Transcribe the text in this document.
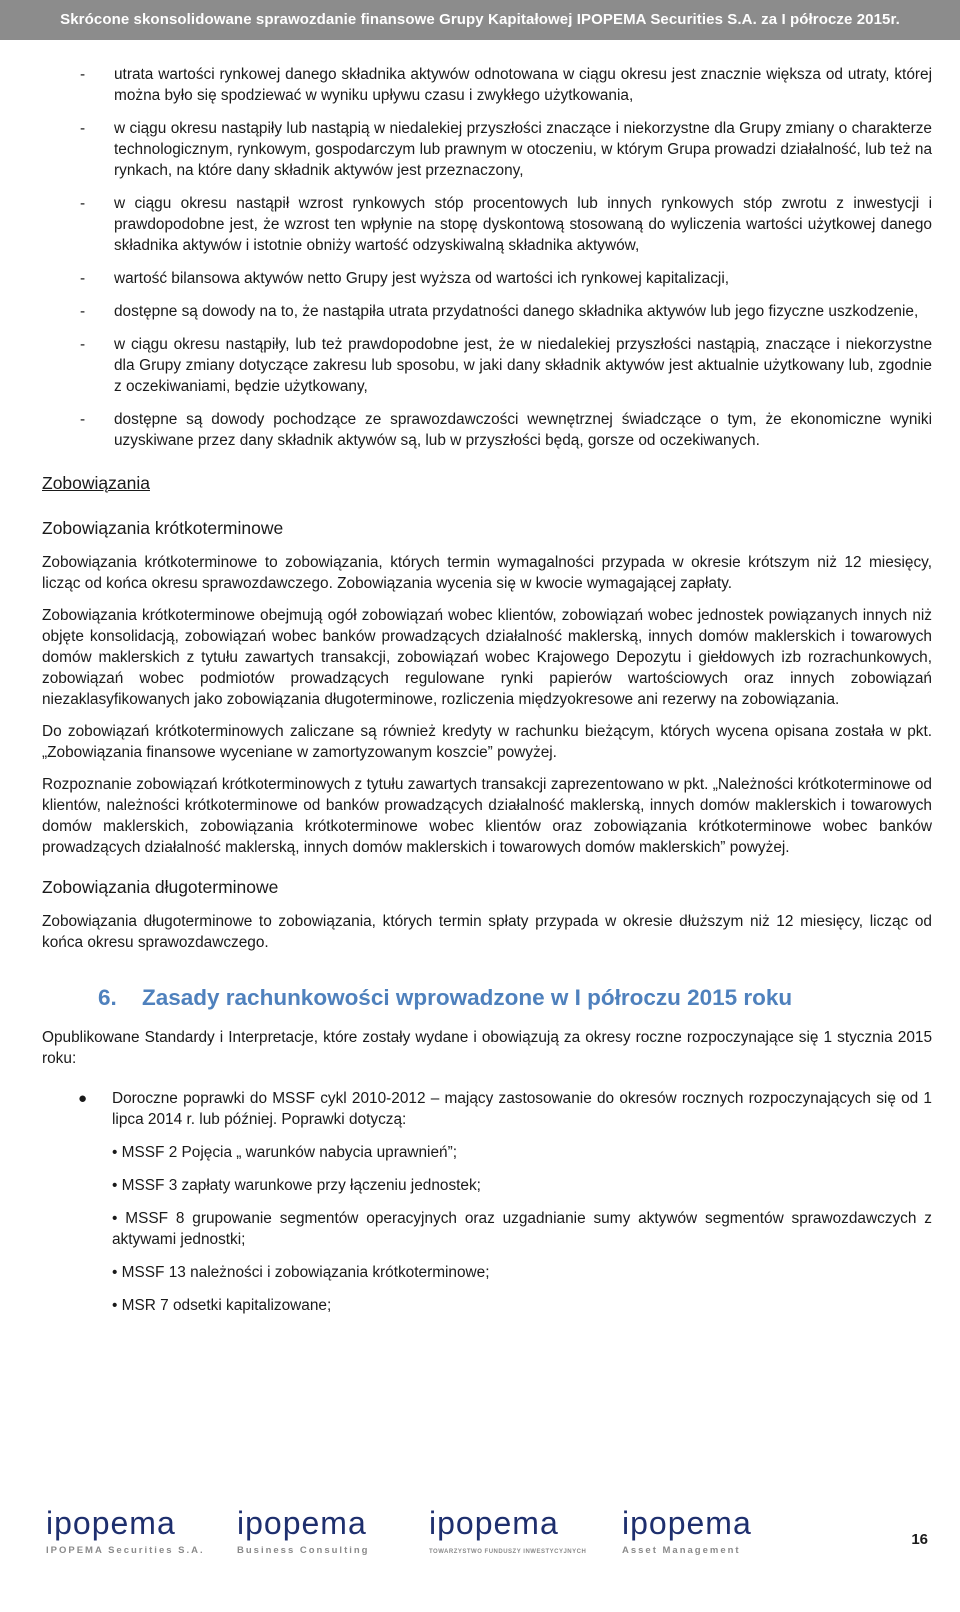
Skrócone skonsolidowane sprawozdanie finansowe Grupy Kapitałowej IPOPEMA Securities S.A. za I półrocze 2015r.
- utrata wartości rynkowej danego składnika aktywów odnotowana w ciągu okresu jest znacznie większa od utraty, której można było się spodziewać w wyniku upływu czasu i zwykłego użytkowania,
- w ciągu okresu nastąpiły lub nastąpią w niedalekiej przyszłości znaczące i niekorzystne dla Grupy zmiany o charakterze technologicznym, rynkowym, gospodarczym lub prawnym w otoczeniu, w którym Grupa prowadzi działalność, lub też na rynkach, na które dany składnik aktywów jest przeznaczony,
- w ciągu okresu nastąpił wzrost rynkowych stóp procentowych lub innych rynkowych stóp zwrotu z inwestycji i prawdopodobne jest, że wzrost ten wpłynie na stopę dyskontową stosowaną do wyliczenia wartości użytkowej danego składnika aktywów i istotnie obniży wartość odzyskiwalną składnika aktywów,
- wartość bilansowa aktywów netto Grupy jest wyższa od wartości ich rynkowej kapitalizacji,
- dostępne są dowody na to, że nastąpiła utrata przydatności danego składnika aktywów lub jego fizyczne uszkodzenie,
- w ciągu okresu nastąpiły, lub też prawdopodobne jest, że w niedalekiej przyszłości nastąpią, znaczące i niekorzystne dla Grupy zmiany dotyczące zakresu lub sposobu, w jaki dany składnik aktywów jest aktualnie użytkowany lub, zgodnie z oczekiwaniami, będzie użytkowany,
- dostępne są dowody pochodzące ze sprawozdawczości wewnętrznej świadczące o tym, że ekonomiczne wyniki uzyskiwane przez dany składnik aktywów są, lub w przyszłości będą, gorsze od oczekiwanych.
Zobowiązania
Zobowiązania krótkoterminowe

Zobowiązania krótkoterminowe to zobowiązania, których termin wymagalności przypada w okresie krótszym niż 12 miesięcy, licząc od końca okresu sprawozdawczego. Zobowiązania wycenia się w kwocie wymagającej zapłaty.

Zobowiązania krótkoterminowe obejmują ogół zobowiązań wobec klientów, zobowiązań wobec jednostek powiązanych innych niż objęte konsolidacją, zobowiązań wobec banków prowadzących działalność maklerską, innych domów maklerskich i towarowych domów maklerskich z tytułu zawartych transakcji, zobowiązań wobec Krajowego Depozytu i giełdowych izb rozrachunkowych, zobowiązań wobec podmiotów prowadzących regulowane rynki papierów wartościowych oraz innych zobowiązań niezaklasyfikowanych jako zobowiązania długoterminowe, rozliczenia międzyokresowe ani rezerwy na zobowiązania.

Do zobowiązań krótkoterminowych zaliczane są również kredyty w rachunku bieżącym, których wycena opisana została w pkt. „Zobowiązania finansowe wyceniane w zamortyzowanym koszcie” powyżej.

Rozpoznanie zobowiązań krótkoterminowych z tytułu zawartych transakcji zaprezentowano w pkt. „Należności krótkoterminowe od klientów, należności krótkoterminowe od banków prowadzących działalność maklerską, innych domów maklerskich i towarowych domów maklerskich, zobowiązania krótkoterminowe wobec klientów oraz zobowiązania krótkoterminowe wobec banków prowadzących działalność maklerską, innych domów maklerskich i towarowych domów maklerskich” powyżej.

Zobowiązania długoterminowe

Zobowiązania długoterminowe to zobowiązania, których termin spłaty przypada w okresie dłuższym niż 12 miesięcy, licząc od końca okresu sprawozdawczego.

6. Zasady rachunkowości wprowadzone w I półroczu 2015 roku

Opublikowane Standardy i Interpretacje, które zostały wydane i obowiązują za okresy roczne rozpoczynające się 1 stycznia 2015 roku:

● Doroczne poprawki do MSSF cykl 2010-2012 – mający zastosowanie do okresów rocznych rozpoczynających się od 1 lipca 2014 r. lub później. Poprawki dotyczą:
• MSSF 2 Pojęcia „ warunków nabycia uprawnień”;
• MSSF 3 zapłaty warunkowe przy łączeniu jednostek;
• MSSF 8 grupowanie segmentów operacyjnych oraz uzgadnianie sumy aktywów segmentów sprawozdawczych z aktywami jednostki;
• MSSF 13 należności i zobowiązania krótkoterminowe;
• MSR 7 odsetki kapitalizowane;
ipopema
IPOPEMA Securities S.A.
ipopema
Business Consulting
ipopema
TOWARZYSTWO FUNDUSZY INWESTYCYJNYCH
ipopema
Asset Management
16
